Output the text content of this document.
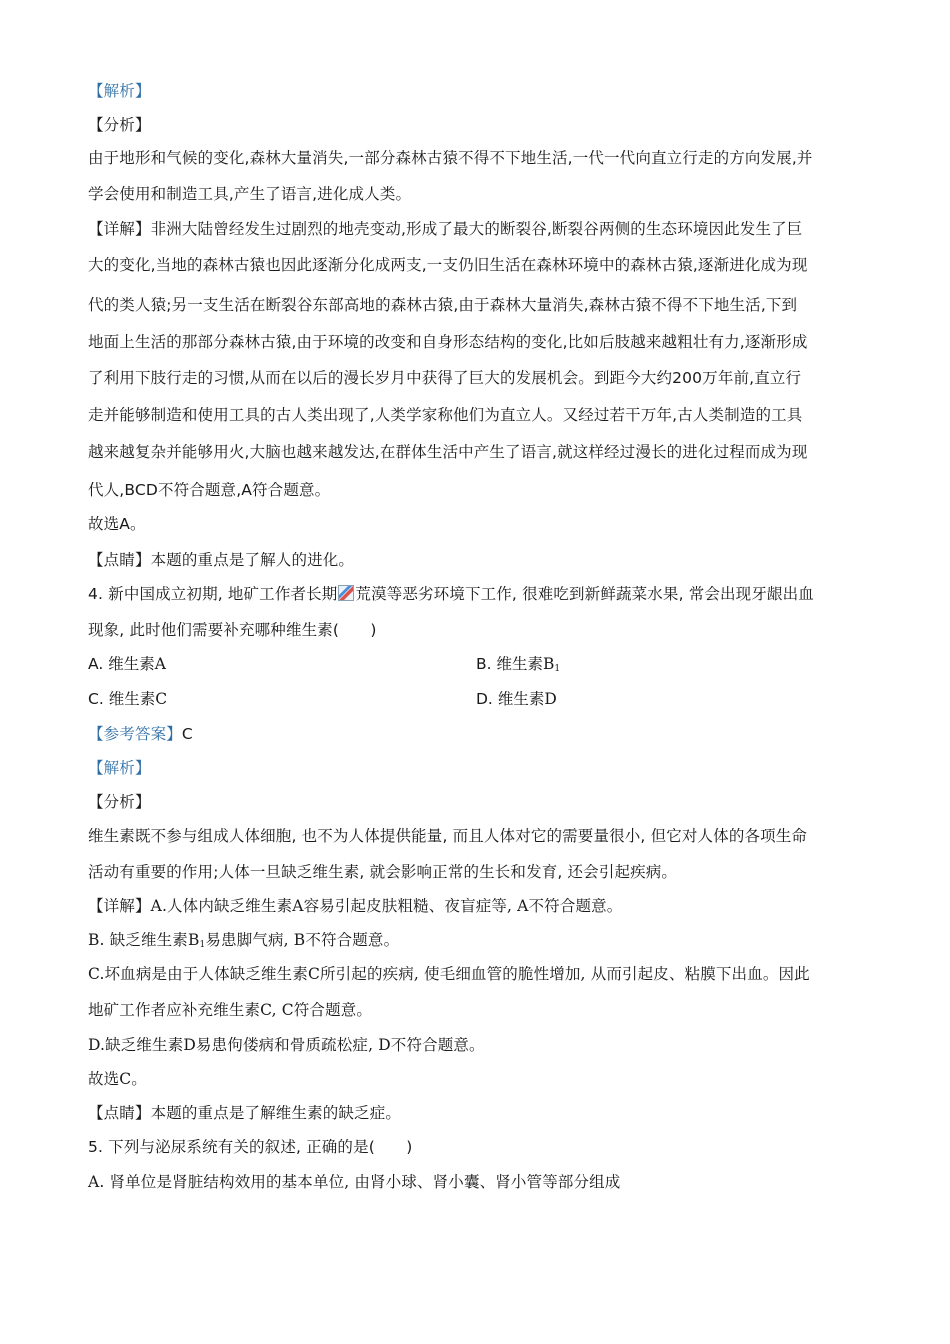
【解析】
【分析】
由于地形和气候的变化,森林大量消失,一部分森林古猿不得不下地生活,一代一代向直立行走的方向发展,并
学会使用和制造工具,产生了语言,进化成人类。
【详解】非洲大陆曾经发生过剧烈的地壳变动,形成了最大的断裂谷,断裂谷两侧的生态环境因此发生了巨
大的变化,当地的森林古猿也因此逐渐分化成两支,一支仍旧生活在森林环境中的森林古猿,逐渐进化成为现
代的类人猿;另一支生活在断裂谷东部高地的森林古猿,由于森林大量消失,森林古猿不得不下地生活,下到
地面上生活的那部分森林古猿,由于环境的改变和自身形态结构的变化,比如后肢越来越粗壮有力,逐渐形成
了利用下肢行走的习惯,从而在以后的漫长岁月中获得了巨大的发展机会。到距今大约200万年前,直立行
走并能够制造和使用工具的古人类出现了,人类学家称他们为直立人。又经过若干万年,古人类制造的工具
越来越复杂并能够用火,大脑也越来越发达,在群体生活中产生了语言,就这样经过漫长的进化过程而成为现
代人,BCD不符合题意,A符合题意。
故选A。
【点睛】本题的重点是了解人的进化。
4. 新中国成立初期, 地矿工作者长期 荒漠等恶劣环境下工作, 很难吃到新鲜蔬菜水果, 常会出现牙龈出血
现象, 此时他们需要补充哪种维生素(　　)
A. 维生素A	B. 维生素$B_1$
C. 维生素C	D. 维生素D
【参考答案】C
【解析】
【分析】
维生素既不参与组成人体细胞, 也不为人体提供能量, 而且人体对它的需要量很小, 但它对人体的各项生命
活动有重要的作用;人体一旦缺乏维生素, 就会影响正常的生长和发育, 还会引起疾病。
【详解】A.人体内缺乏维生素A容易引起皮肤粗糙、夜盲症等, A不符合题意。
B. 缺乏维生素$B_1$易患脚气病, B不符合题意。
C.坏血病是由于人体缺乏维生素C所引起的疾病, 使毛细血管的脆性增加, 从而引起皮、粘膜下出血。因此
地矿工作者应补充维生素C, C符合题意。
D.缺乏维生素D易患佝偻病和骨质疏松症, D不符合题意。
故选C。
【点睛】本题的重点是了解维生素的缺乏症。
5. 下列与泌尿系统有关的叙述, 正确的是(　　)
A. 肾单位是肾脏结构效用的基本单位, 由肾小球、肾小囊、肾小管等部分组成
